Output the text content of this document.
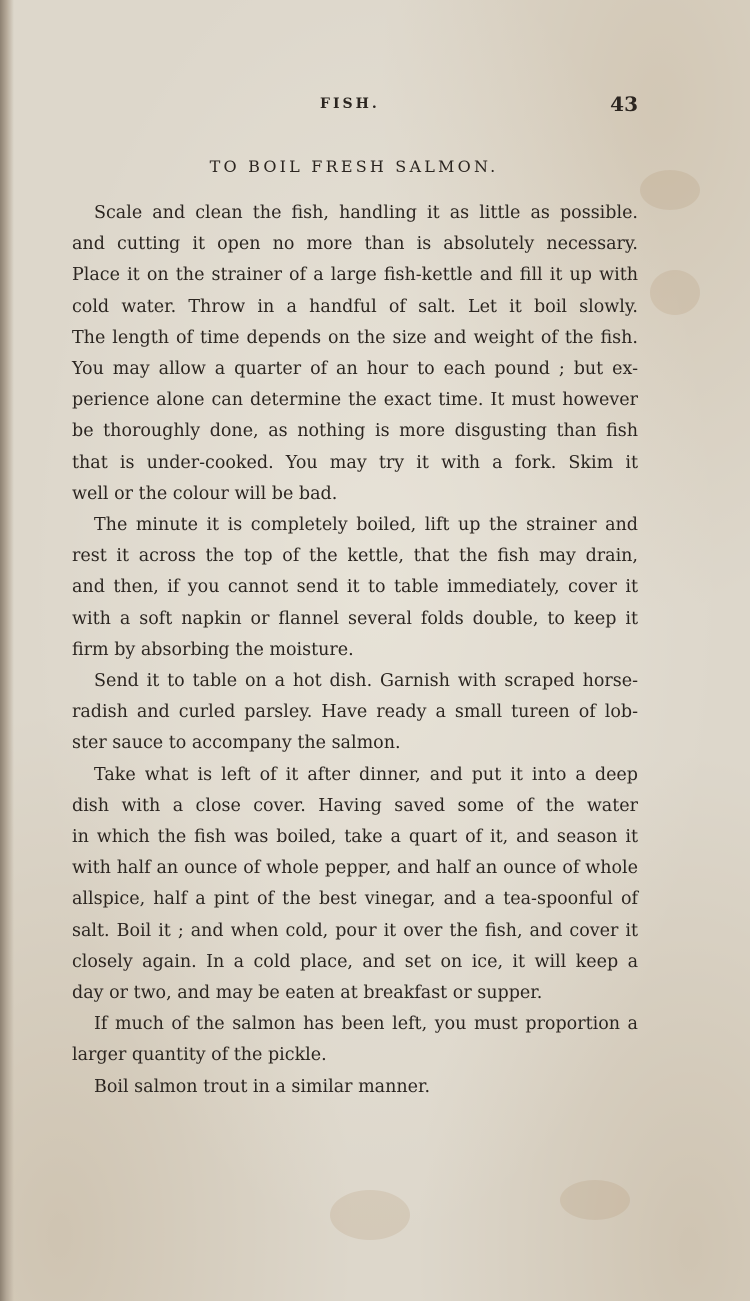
FISH.	43
TO BOIL FRESH SALMON.
Scale and clean the fish, handling it as little as possible.
and cutting it open no more than is absolutely necessary.
Place it on the strainer of a large fish-kettle and fill it up with
cold water. Throw in a handful of salt. Let it boil slowly.
The length of time depends on the size and weight of the fish.
You may allow a quarter of an hour to each pound ; but ex-
perience alone can determine the exact time. It must however
be thoroughly done, as nothing is more disgusting than fish
that is under-cooked. You may try it with a fork. Skim it
well or the colour will be bad.
The minute it is completely boiled, lift up the strainer and
rest it across the top of the kettle, that the fish may drain,
and then, if you cannot send it to table immediately, cover it
with a soft napkin or flannel several folds double, to keep it
firm by absorbing the moisture.
Send it to table on a hot dish. Garnish with scraped horse-
radish and curled parsley. Have ready a small tureen of lob-
ster sauce to accompany the salmon.
Take what is left of it after dinner, and put it into a deep
dish with a close cover. Having saved some of the water
in which the fish was boiled, take a quart of it, and season it
with half an ounce of whole pepper, and half an ounce of whole
allspice, half a pint of the best vinegar, and a tea-spoonful of
salt. Boil it ; and when cold, pour it over the fish, and cover it
closely again. In a cold place, and set on ice, it will keep a
day or two, and may be eaten at breakfast or supper.
If much of the salmon has been left, you must proportion a
larger quantity of the pickle.
Boil salmon trout in a similar manner.
